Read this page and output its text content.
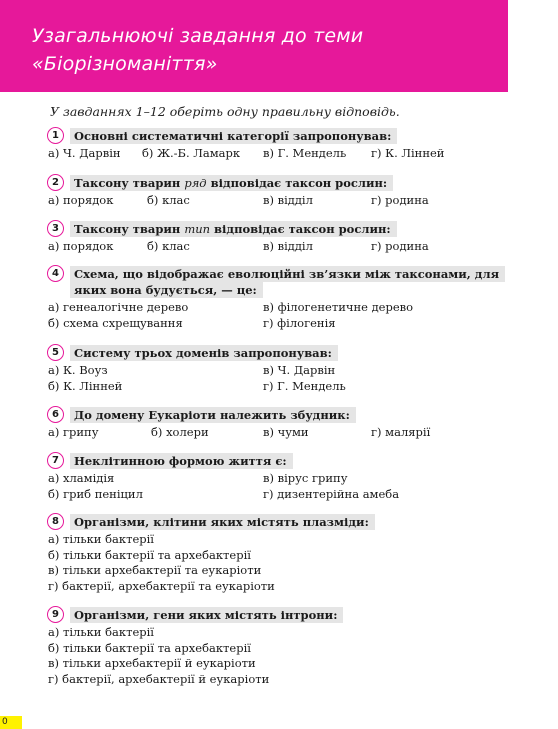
Узагальнюючі завдання до теми
«Біорізноманіття»
У завданнях 1–12 оберіть одну правильну відповідь.
1	Основні систематичні категорії запропонував:
а) Ч. Дарвін б) Ж.-Б. Ламарк в) Г. Мендель г) К. Лінней
2	Таксону тварин ряд відповідає таксон рослин:
а) порядок	б) клас	в) відділ	г) родина
3	Таксону тварин тип відповідає таксон рослин:
а) порядок	б) клас	в) відділ	г) родина
4	Схема, що відображає еволюційні зв’язки між таксонами, для
яких вона будується, — це:
а) генеалогічне дерево	в) філогенетичне дерево
б) схема схрещування	г) філогенія
5	Систему трьох доменів запропонував:
а) К. Воуз	в) Ч. Дарвін
б) К. Лінней	г) Г. Мендель
6	До домену Еукаріоти належить збудник:
а) грипу	б) холери	в) чуми	г) малярії
7	Неклітинною формою життя є:
а) хламідія	в) вірус грипу
б) гриб пеніцил	г) дизентерійна амеба
8	Організми, клітини яких містять плазміди:
а) тільки бактерії
б) тільки бактерії та архебактерії
в) тільки архебактерії та еукаріоти
г) бактерії, архебактерії та еукаріоти
9	Організми, гени яких містять інтрони:
а) тільки бактерії
б) тільки бактерії та архебактерії
в) тільки архебактерії й еукаріоти
г) бактерії, архебактерії й еукаріоти
0
